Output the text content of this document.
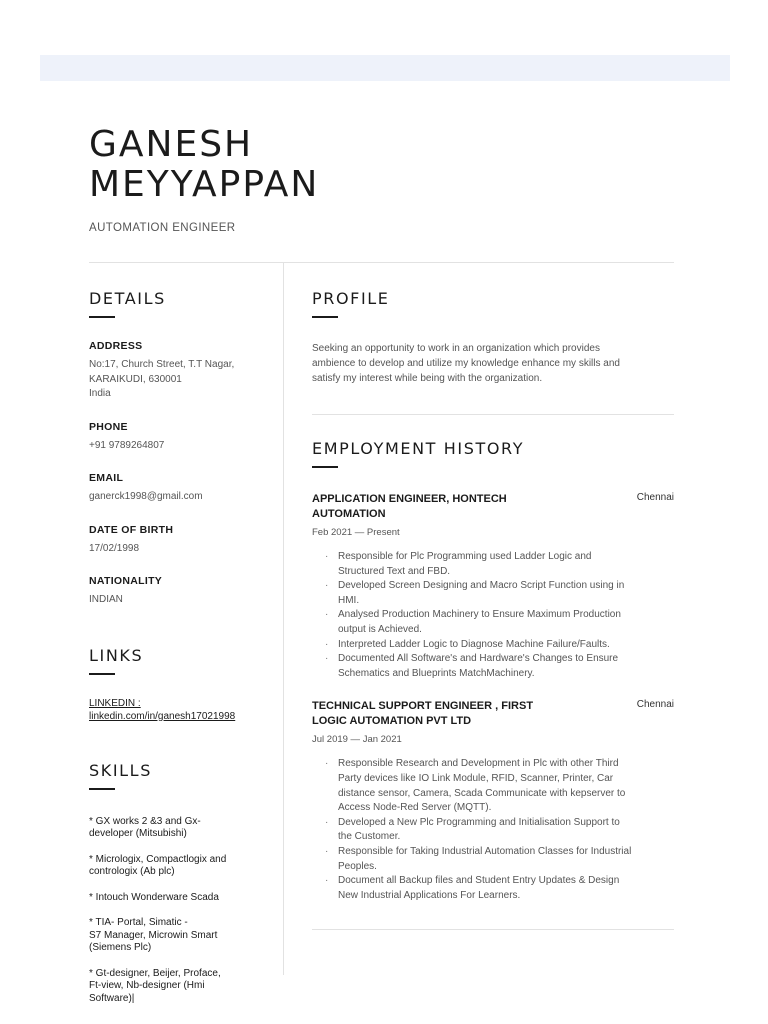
GANESH
MEYYAPPAN
AUTOMATION ENGINEER
DETAILS
ADDRESS
No:17, Church Street, T.T Nagar,
KARAIKUDI, 630001
India
PHONE
+91 9789264807
EMAIL
ganerck1998@gmail.com
DATE OF BIRTH
17/02/1998
NATIONALITY
INDIAN
LINKS
LINKEDIN :
linkedin.com/in/ganesh17021998
SKILLS
* GX works 2 &3 and Gx-
developer (Mitsubishi)
* Micrologix, Compactlogix and
contrologix (Ab plc)
* Intouch Wonderware Scada
* TIA- Portal, Simatic -
S7 Manager, Microwin Smart
(Siemens Plc)
* Gt-designer, Beijer, Proface,
Ft-view, Nb-designer (Hmi
Software)|
PROFILE
Seeking an opportunity to work in an organization which provides
ambience to develop and utilize my knowledge enhance my skills and
satisfy my interest while being with the organization.
EMPLOYMENT HISTORY
APPLICATION ENGINEER, HONTECH
AUTOMATION
Chennai
Feb 2021 — Present
· Responsible for Plc Programming used Ladder Logic and
Structured Text and FBD.
· Developed Screen Designing and Macro Script Function using in
HMI.
· Analysed Production Machinery to Ensure Maximum Production
output is Achieved.
· Interpreted Ladder Logic to Diagnose Machine Failure/Faults.
· Documented All Software's and Hardware's Changes to Ensure
Schematics and Blueprints MatchMachinery.
TECHNICAL SUPPORT ENGINEER , FIRST
LOGIC AUTOMATION PVT LTD
Chennai
Jul 2019 — Jan 2021
· Responsible Research and Development in Plc with other Third
Party devices like IO Link Module, RFID, Scanner, Printer, Car
distance sensor, Camera, Scada Communicate with kepserver to
Access Node-Red Server (MQTT).
· Developed a New Plc Programming and Initialisation Support to
the Customer.
· Responsible for Taking Industrial Automation Classes for Industrial
Peoples.
· Document all Backup files and Student Entry Updates & Design
New Industrial Applications For Learners.
